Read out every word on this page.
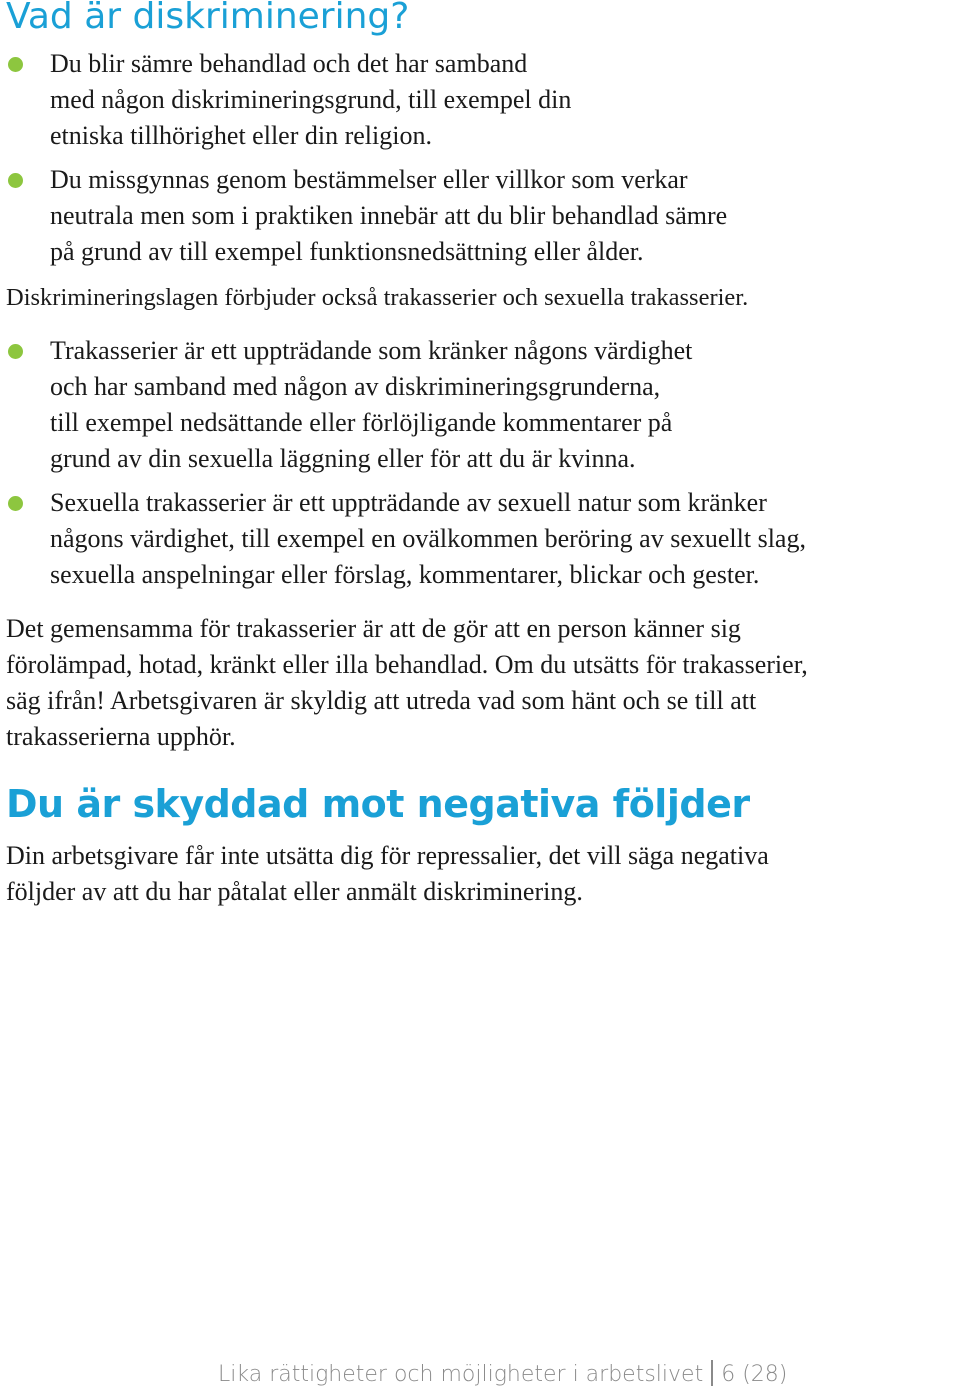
Vad är diskriminering?
Du blir sämre behandlad och det har samband
med någon diskrimineringsgrund, till exempel din
etniska tillhörighet eller din religion.
Du missgynnas genom bestämmelser eller villkor som verkar
neutrala men som i praktiken innebär att du blir behandlad sämre
på grund av till exempel funktionsnedsättning eller ålder.

Diskrimineringslagen förbjuder också trakasserier och sexuella trakasserier.

Trakasserier är ett uppträdande som kränker någons värdighet
och har samband med någon av diskrimineringsgrunderna,
till exempel nedsättande eller förlöjligande kommentarer på
grund av din sexuella läggning eller för att du är kvinna.
Sexuella trakasserier är ett uppträdande av sexuell natur som kränker
någons värdighet, till exempel en ovälkommen beröring av sexuellt slag,
sexuella anspelningar eller förslag, kommentarer, blickar och gester.

Det gemensamma för trakasserier är att de gör att en person känner sig
förolämpad, hotad, kränkt eller illa behandlad. Om du utsätts för trakasserier,
säg ifrån! Arbetsgivaren är skyldig att utreda vad som hänt och se till att
trakasserierna upphör.

Du är skyddad mot negativa följder

Din arbetsgivare får inte utsätta dig för repressalier, det vill säga negativa
följder av att du har påtalat eller anmält diskriminering.

Lika rättigheter och möjligheter i arbetslivet 6 (28)
